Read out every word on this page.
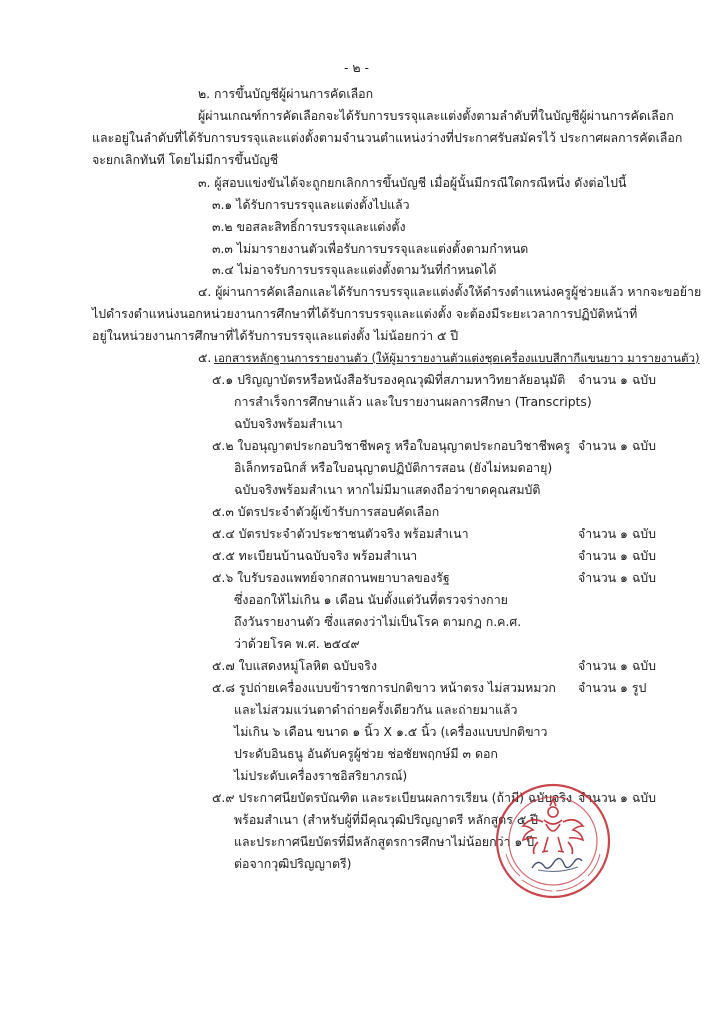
- ๒ -
๒. การขึ้นบัญชีผู้ผ่านการคัดเลือก
ผู้ผ่านเกณฑ์การคัดเลือกจะได้รับการบรรจุและแต่งตั้งตามลำดับที่ในบัญชีผู้ผ่านการคัดเลือก
และอยู่ในลำดับที่ได้รับการบรรจุและแต่งตั้งตามจำนวนตำแหน่งว่างที่ประกาศรับสมัครไว้ ประกาศผลการคัดเลือก
จะยกเลิกทันที โดยไม่มีการขึ้นบัญชี
๓. ผู้สอบแข่งขันได้จะถูกยกเลิกการขึ้นบัญชี เมื่อผู้นั้นมีกรณีใดกรณีหนึ่ง ดังต่อไปนี้
๓.๑ ได้รับการบรรจุและแต่งตั้งไปแล้ว
๓.๒ ขอสละสิทธิ์การบรรจุและแต่งตั้ง
๓.๓ ไม่มารายงานตัวเพื่อรับการบรรจุและแต่งตั้งตามกำหนด
๓.๔ ไม่อาจรับการบรรจุและแต่งตั้งตามวันที่กำหนดได้
๔. ผู้ผ่านการคัดเลือกและได้รับการบรรจุและแต่งตั้งให้ดำรงตำแหน่งครูผู้ช่วยแล้ว หากจะขอย้าย
ไปดำรงตำแหน่งนอกหน่วยงานการศึกษาที่ได้รับการบรรจุและแต่งตั้ง จะต้องมีระยะเวลาการปฏิบัติหน้าที่
อยู่ในหน่วยงานการศึกษาที่ได้รับการบรรจุและแต่งตั้ง ไม่น้อยกว่า ๕ ปี
๕. เอกสารหลักฐานการรายงานตัว (ให้ผู้มารายงานตัวแต่งชุดเครื่องแบบสีกากีแขนยาว มารายงานตัว)
๕.๑ ปริญญาบัตรหรือหนังสือรับรองคุณวุฒิที่สภามหาวิทยาลัยอนุมัติ
การสำเร็จการศึกษาแล้ว และใบรายงานผลการศึกษา (Transcripts)
ฉบับจริงพร้อมสำเนา
จำนวน ๑ ฉบับ
๕.๒ ใบอนุญาตประกอบวิชาชีพครู หรือใบอนุญาตประกอบวิชาชีพครู
อิเล็กทรอนิกส์ หรือใบอนุญาตปฏิบัติการสอน (ยังไม่หมดอายุ)
ฉบับจริงพร้อมสำเนา หากไม่มีมาแสดงถือว่าขาดคุณสมบัติ
จำนวน ๑ ฉบับ
๕.๓ บัตรประจำตัวผู้เข้ารับการสอบคัดเลือก
๕.๔ บัตรประจำตัวประชาชนตัวจริง พร้อมสำเนา	จำนวน ๑ ฉบับ
๕.๕ ทะเบียนบ้านฉบับจริง พร้อมสำเนา	จำนวน ๑ ฉบับ
๕.๖ ใบรับรองแพทย์จากสถานพยาบาลของรัฐ
ซึ่งออกให้ไม่เกิน ๑ เดือน นับตั้งแต่วันที่ตรวจร่างกาย
ถึงวันรายงานตัว ซึ่งแสดงว่าไม่เป็นโรค ตามกฎ ก.ค.ศ.
ว่าด้วยโรค พ.ศ. ๒๕๔๙
จำนวน ๑ ฉบับ
๕.๗ ใบแสดงหมู่โลหิต ฉบับจริง	จำนวน ๑ ฉบับ
๕.๘ รูปถ่ายเครื่องแบบข้าราชการปกติขาว หน้าตรง ไม่สวมหมวก
และไม่สวมแว่นตาดำถ่ายครั้งเดียวกัน และถ่ายมาแล้ว
ไม่เกิน ๖ เดือน ขนาด ๑ นิ้ว X ๑.๕ นิ้ว (เครื่องแบบปกติขาว
ประดับอินธนู อันดับครูผู้ช่วย ช่อชัยพฤกษ์มี ๓ ดอก
ไม่ประดับเครื่องราชอิสริยาภรณ์)
จำนวน ๑ รูป
๕.๙ ประกาศนียบัตรบัณฑิต และระเบียนผลการเรียน (ถ้ามี) ฉบับจริง
พร้อมสำเนา (สำหรับผู้ที่มีคุณวุฒิปริญญาตรี หลักสูตร ๕ ปี
และประกาศนียบัตรที่มีหลักสูตรการศึกษาไม่น้อยกว่า ๑ ปี
ต่อจากวุฒิปริญญาตรี)
จำนวน ๑ ฉบับ
